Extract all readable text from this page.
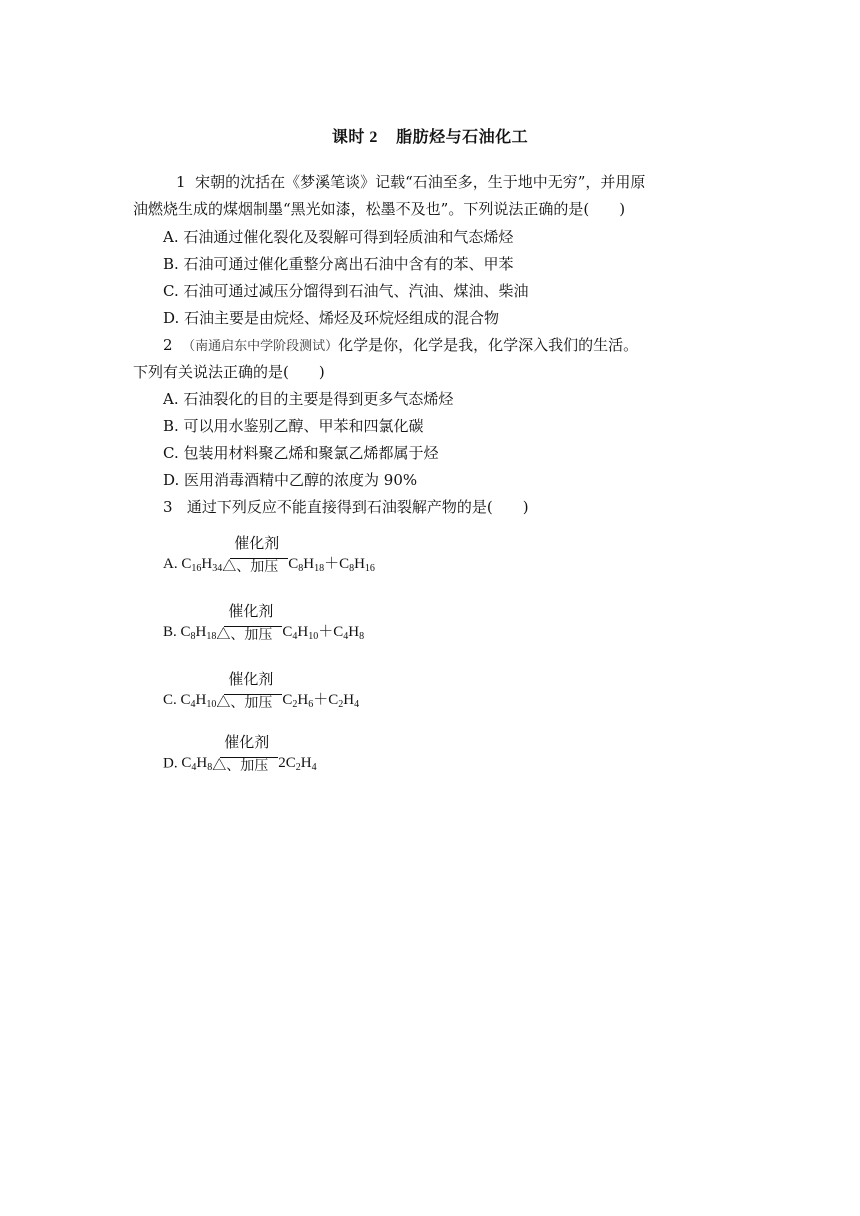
课时 2 脂肪烃与石油化工
1 宋朝的沈括在《梦溪笔谈》记载“石油至多，生于地中无穷”，并用原
油燃烧生成的煤烟制墨“黑光如漆，松墨不及也”。下列说法正确的是(　　)
A. 石油通过催化裂化及裂解可得到轻质油和气态烯烃
B. 石油可通过催化重整分离出石油中含有的苯、甲苯
C. 石油可通过减压分馏得到石油气、汽油、煤油、柴油
D. 石油主要是由烷烃、烯烃及环烷烃组成的混合物
2 （南通启东中学阶段测试）化学是你，化学是我，化学深入我们的生活。
下列有关说法正确的是(　　)
A. 石油裂化的目的主要是得到更多气态烯烃
B. 可以用水鉴别乙醇、甲苯和四氯化碳
C. 包装用材料聚乙烯和聚氯乙烯都属于烃
D. 医用消毒酒精中乙醇的浓度为 90%
3 通过下列反应不能直接得到石油裂解产物的是(　　)
A. $C_{16}H_{34}$
催化剂
△、加压 $C_8H_{18}+C_8H_{16}$
B. $C_8H_{18}$
催化剂
△、加压 $C_4H_{10}+C_4H_8$
C. $C_4H_{10}$
催化剂
△、加压 $C_2H_6+C_2H_4$
D. $C_4H_8$
催化剂
△、加压 $2C_2H_4$
